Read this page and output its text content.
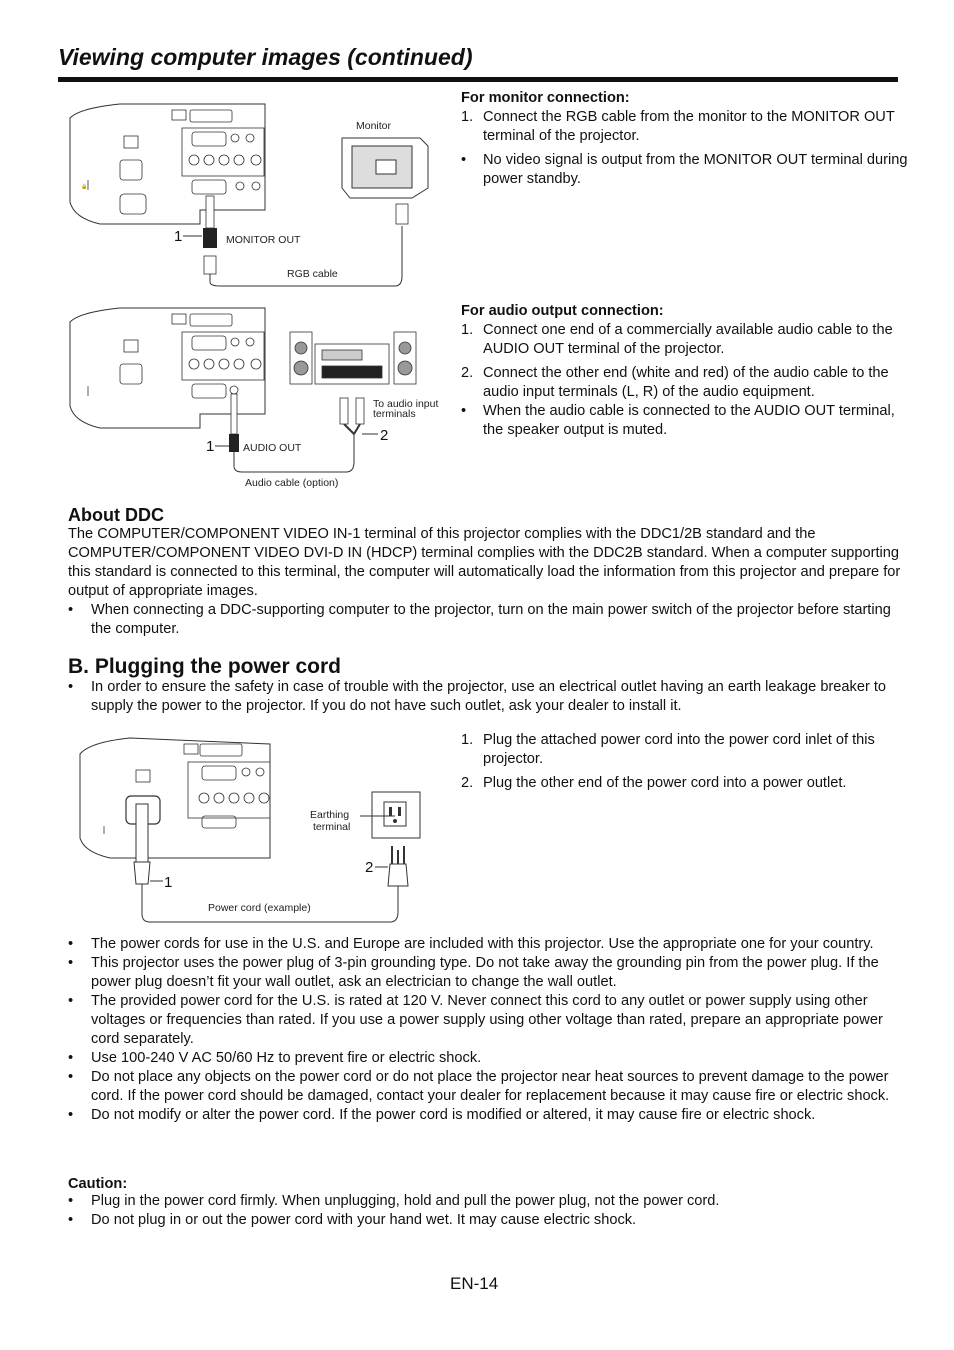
Viewing computer images (continued)
🔒
Monitor
MONITOR OUT
RGB cable
1
For monitor connection:
1. Connect the RGB cable from the monitor to the MONITOR OUT terminal of the projector.
• No video signal is output from the MONITOR OUT terminal during power standby.
AUDIO OUT
To audio input
terminals
Audio cable (option)
1
2
For audio output connection:
1. Connect one end of a commercially available audio cable to the AUDIO OUT terminal of the projector.
2. Connect the other end (white and red) of the audio cable to the audio input terminals (L, R) of the audio equipment.
• When the audio cable is connected to the AUDIO OUT terminal, the speaker output is muted.
About DDC
The COMPUTER/COMPONENT VIDEO IN-1 terminal of this projector complies with the DDC1/2B standard and the COMPUTER/COMPONENT VIDEO DVI-D IN (HDCP) terminal complies with the DDC2B standard. When a computer supporting this standard is connected to this terminal, the computer will automatically load the information from this projector and prepare for output of appropriate images.
• When connecting a DDC-supporting computer to the projector, turn on the main power switch of the projector before starting the computer.
B. Plugging the power cord
• In order to ensure the safety in case of trouble with the projector, use an electrical outlet having an earth leakage breaker to supply the power to the projector. If you do not have such outlet, ask your dealer to install it.
Earthing
terminal
Power cord (example)
1
2
1. Plug the attached power cord into the power cord inlet of this projector.
2. Plug the other end of the power cord into a power outlet.
• The power cords for use in the U.S. and Europe are included with this projector. Use the appropriate one for your country.
• This projector uses the power plug of 3-pin grounding type. Do not take away the grounding pin from the power plug. If the power plug doesn’t fit your wall outlet, ask an electrician to change the wall outlet.
• The provided power cord for the U.S. is rated at 120 V. Never connect this cord to any outlet or power supply using other voltages or frequencies than rated. If you use a power supply using other voltage than rated, prepare an appropriate power cord separately.
• Use 100-240 V AC 50/60 Hz to prevent fire or electric shock.
• Do not place any objects on the power cord or do not place the projector near heat sources to prevent damage to the power cord. If the power cord should be damaged, contact your dealer for replacement because it may cause fire or electric shock.
• Do not modify or alter the power cord. If the power cord is modified or altered, it may cause fire or electric shock.
Caution:
• Plug in the power cord firmly. When unplugging, hold and pull the power plug, not the power cord.
• Do not plug in or out the power cord with your hand wet. It may cause electric shock.
EN-14
